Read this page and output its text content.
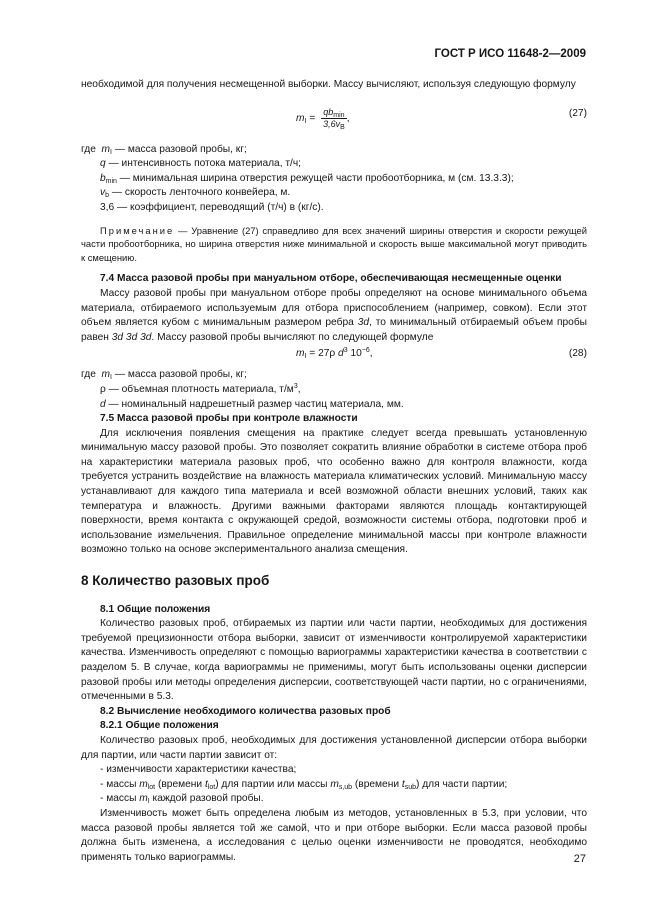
ГОСТ Р ИСО 11648-2—2009

необходимой для получения несмещенной выборки. Массу вычисляют, используя следующую формулу

$m_I = \frac{qb_{min}}{3,6v_B}$ ,	(27)
где $m_I$ — масса разовой пробы, кг;
q — интенсивность потока материала, т/ч;
$b_{min}$ — минимальная ширина отверстия режущей части пробоотборника, м (см. 13.3.3);
$v_b$ — скорость ленточного конвейера, м.
3,6 — коэффициент, переводящий (т/ч) в (кг/с).

Примечание — Уравнение (27) справедливо для всех значений ширины отверстия и скорости режущей части пробоотборника, но ширина отверстия ниже минимальной и скорость выше максимальной могут приводить к смещению.

7.4 Масса разовой пробы при мануальном отборе, обеспечивающая несмещенные оценки

Массу разовой пробы при мануальном отборе пробы определяют на основе минимального объема материала, отбираемого используемым для отбора приспособлением (например, совком). Если этот объем является кубом с минимальным размером ребра 3d, то минимальный отбираемый объем пробы равен 3d 3d 3d. Массу разовой пробы вычисляют по следующей формуле

$m_I = 27\rho$ $d^3$ $10^{-6}$,	(28)
где $m_I$ — масса разовой пробы, кг;
ρ — объемная плотность материала, $т/м^3$,
d — номинальный надрешетный размер частиц материала, мм.
7.5 Масса разовой пробы при контроле влажности

Для исключения появления смещения на практике следует всегда превышать установленную минимальную массу разовой пробы. Это позволяет сократить влияние обработки в системе отбора проб на характеристики материала разовых проб, что особенно важно для контроля влажности, когда требуется устранить воздействие на влажность материала климатических условий. Минимальную массу устанавливают для каждого типа материала и всей возможной области внешних условий, таких как температура и влажность. Другими важными факторами являются площадь контактирующей поверхности, время контакта с окружающей средой, возможности системы отбора, подготовки проб и использование измельчения. Правильное определение минимальной массы при контроле влажности возможно только на основе экспериментального анализа смещения.

8 Количество разовых проб
8.1 Общие положения

Количество разовых проб, отбираемых из партии или части партии, необходимых для достижения требуемой прецизионности отбора выборки, зависит от изменчивости контролируемой характеристики качества. Изменчивость определяют с помощью вариограммы характеристики качества в соответствии с разделом 5. В случае, когда вариограммы не применимы, могут быть использованы оценки дисперсии разовой пробы или методы определения дисперсии, соответствующей части партии, но с ограничениями, отмеченными в 5.3.

8.2 Вычисление необходимого количества разовых проб
8.2.1 Общие положения

Количество разовых проб, необходимых для достижения установленной дисперсии отбора выборки для партии, или части партии зависит от:

- изменчивости характеристики качества;
- массы $m_{lot}$ (времени $t_{lot}$) для партии или массы $m_{s,ub}$ (времени $t_{sub}$) для части партии;
- массы $m_I$ каждой разовой пробы.

Изменчивость может быть определена любым из методов, установленных в 5.3, при условии, что масса разовой пробы является той же самой, что и при отборе выборки. Если масса разовой пробы должна быть изменена, а исследования с целью оценки изменчивости не проводятся, необходимо применять только вариограммы.	27
